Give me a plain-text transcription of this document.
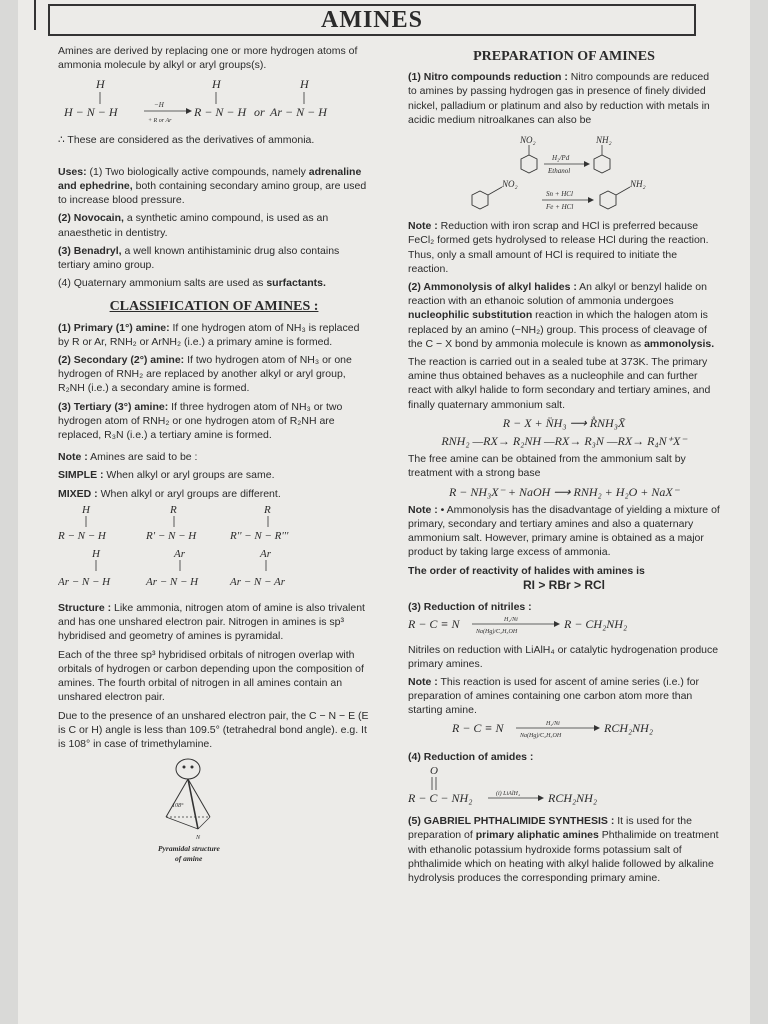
AMINES

Amines are derived by replacing one or more hydrogen atoms of ammonia molecule by alkyl or aryl groups(s).

H
H − N − H	−H
+ R or Ar
H
R − N − H or
H
Ar − N − H

∴ These are considered as the derivatives of ammonia.

Uses: (1) Two biologically active compounds, namely adrenaline and ephedrine, both containing secondary amino group, are used to increase blood pressure.

(2) Novocain, a synthetic amino compound, is used as an anaesthetic in dentistry.

(3) Benadryl, a well known antihistaminic drug also contains tertiary amino group.

(4) Quaternary ammonium salts are used as surfactants.

CLASSIFICATION OF AMINES :

(1) Primary (1°) amine: If one hydrogen atom of NH₃ is replaced by R or Ar, RNH₂ or ArNH₂ (i.e.) a primary amine is formed.

(2) Secondary (2°) amine: If two hydrogen atom of NH₃ or one hydrogen of RNH₂ are replaced by another alkyl or aryl group, R₂NH (i.e.) a secondary amine is formed.

(3) Tertiary (3°) amine: If three hydrogen atom of NH₃ or two hydrogen atom of RNH₂ or one hydrogen atom of R₂NH are replaced, R₃N (i.e.) a tertiary amine is formed.

Note : Amines are said to be :

SIMPLE : When alkyl or aryl groups are same.

MIXED : When alkyl or aryl groups are different.

H
R − N − H
R
R' − N − H
R
R'' − N − R'''
H
Ar − N − H
Ar
Ar − N − H
Ar
Ar − N − Ar

Structure : Like ammonia, nitrogen atom of amine is also trivalent and has one unshared electron pair. Nitrogen in amines is sp³ hybridised and geometry of amines is pyramidal.

Each of the three sp³ hybridised orbitals of nitrogen overlap with orbitals of hydrogen or carbon depending upon the composition of amines. The fourth orbital of nitrogen in all amines contain an unshared electron pair.

Due to the presence of an unshared electron pair, the C − N − E (E is C or H) angle is less than 109.5° (tetrahedral bond angle). e.g. It is 108° in case of trimethylamine.

108°
N
Pyramidal structure
of amine
PREPARATION OF AMINES

(1) Nitro compounds reduction : Nitro compounds are reduced to amines by passing hydrogen gas in presence of finely divided nickel, palladium or platinum and also by reduction with metals in acidic medium nitroalkanes can also be

NO₂
H₂/Pd
Ethanol
NH₂
NO₂
Sn + HCl
Fe + HCl
NH₂

Note : Reduction with iron scrap and HCl is preferred because FeCl₂ formed gets hydrolysed to release HCl during the reaction. Thus, only a small amount of HCl is required to initiate the reaction.

(2) Ammonolysis of alkyl halides : An alkyl or benzyl halide on reaction with an ethanoic solution of ammonia undergoes nucleophilic substitution reaction in which the halogen atom is replaced by an amino (−NH₂) group. This process of cleavage of the C − X bond by ammonia molecule is known as ammonolysis.

The reaction is carried out in a sealed tube at 373K. The primary amine thus obtained behaves as a nucleophile and can further react with alkyl halide to form secondary and tertiary amines, and finally quaternary ammonium salt.

R − X + N̈H₃ ⟶ R̊NH₃X̄
RNH₂ —RX→ R₂NH —RX→ R₃N —RX→ R₄N⁺X⁻

The free amine can be obtained from the ammonium salt by treatment with a strong base

R − NH₃X⁻ + NaOH ⟶ RNH₂ + H₂O + NaX⁻

Note : • Ammonolysis has the disadvantage of yielding a mixture of primary, secondary and tertiary amines and also a quaternary ammonium salt. However, primary amine is obtained as a major product by taking large excess of ammonia.

The order of reactivity of halides with amines is

RI > RBr > RCl

(3) Reduction of nitriles :

R − C ≡ N	H₂/Ni
Na(Hg)/C₂H₅OH
R − CH₂NH₂

Nitriles on reduction with LiAlH₄ or catalytic hydrogenation produce primary amines.

Note : This reaction is used for ascent of amine series (i.e.) for preparation of amines containing one carbon atom more than starting amine.

R − C ≡ N	H₂/Ni
Na(Hg)/C₂H₅OH
RCH₂NH₂

(4) Reduction of amides :

O
R − C − NH₂	(i) LiAlH₄ RCH₂NH₂

(5) GABRIEL PHTHALIMIDE SYNTHESIS : It is used for the preparation of primary aliphatic amines Phthalimide on treatment with ethanolic potassium hydroxide forms potassium salt of phthalimide which on heating with alkyl halide followed by alkaline hydrolysis produces the corresponding primary amine.
